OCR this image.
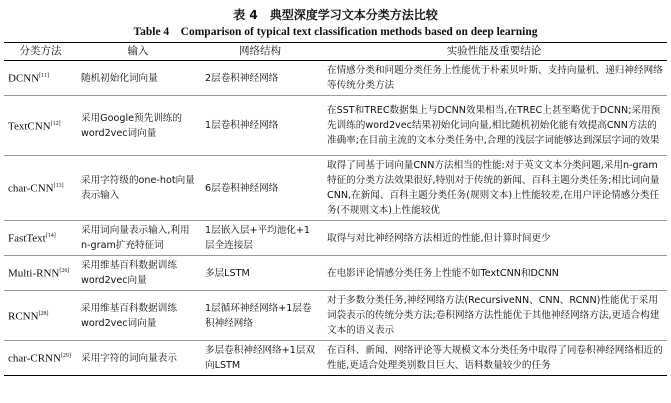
表 4　典型深度学习文本分类方法比较
Table 4　Comparison of typical text classification methods based on deep learning
分类方法	输入	网络结构	实验性能及重要结论
DCNN[11]	随机初始化词向量	2层卷积神经网络	在情感分类和问题分类任务上性能优于朴素贝叶斯、支持向量机、递归神经网络等传统分类方法
TextCNN[12]	采用Google预先训练的word2vec词向量	1层卷积神经网络	在SST和TREC数据集上与DCNN效果相当,在TREC上甚至略优于DCNN;采用预先训练的word2vec结果初始化词向量,相比随机初始化能有效提高CNN方法的准确率;在目前主流的文本分类任务中,合理的浅层字词能够达到深层字词的效果
char-CNN[13]	采用字符级的one-hot向量表示输入	6层卷积神经网络	取得了同基于词向量CNN方法相当的性能:对于英文文本分类问题,采用n-gram特征的分类方法效果很好,特别对于传统的新闻、百科主题分类任务;相比词向量CNN,在新闻、百科主题分类任务(规则文本)上性能较差,在用户评论情感分类任务(不规则文本)上性能较优
FastText[14]	采用词向量表示输入,利用n-gram扩充特征词	1层嵌入层+平均池化+1层全连接层	取得与对比神经网络方法相近的性能,但计算时间更少
Multi-RNN[26]	采用维基百科数据训练word2vec向量	多层LSTM	在电影评论情感分类任务上性能不如TextCNN和DCNN
RCNN[28]	采用维基百科数据训练word2vec词向量	1层循环神经网络+1层卷积神经网络	对于多数分类任务,神经网络方法(RecursiveNN、CNN、RCNN)性能优于采用词袋表示的传统分类方法;卷积网络方法性能优于其他神经网络方法,更适合构建文本的语义表示
char-CRNN[29]	采用字符的词向量表示	多层卷积神经网络+1层双向LSTM	在百科、新闻、网络评论等大规模文本分类任务中取得了同卷积神经网络相近的性能,更适合处理类别数目巨大、语料数量较少的任务
